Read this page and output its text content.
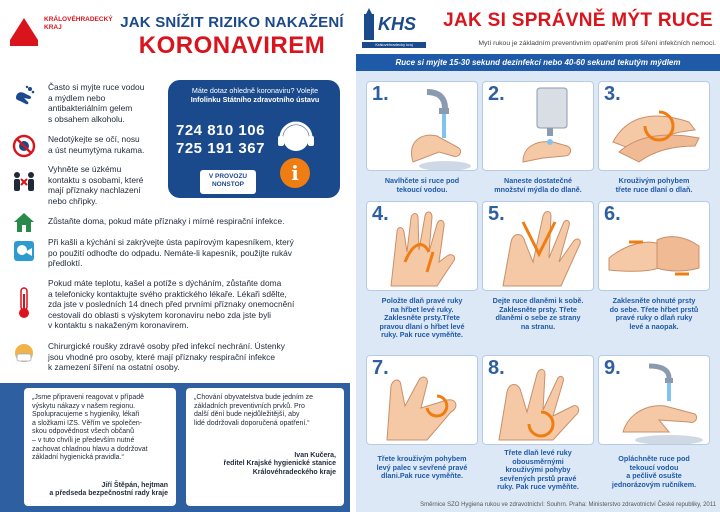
KRÁLOVÉHRADECKÝ
KRAJ	JAK SNÍŽIT RIZIKO NAKAŽENÍ
KORONAVIREM
Často si myjte ruce vodou
a mýdlem nebo
antibakteriálním gelem
s obsahem alkoholu.
Nedotýkejte se očí, nosu
a úst neumytýma rukama.
Vyhněte se úzkému
kontaktu s osobami, které
mají příznaky nachlazení
nebo chřipky.
Zůstaňte doma, pokud máte příznaky i mírné respirační infekce.
Při kašli a kýchání si zakrývejte ústa papírovým kapesníkem, který
po použití odhoďte do odpadu. Nemáte-li kapesník, použijte rukáv
předloktí.
Pokud máte teplotu, kašel a potíže s dýcháním, zůstaňte doma
a telefonicky kontaktujte svého praktického lékaře. Lékaři sdělte,
zda jste v posledních 14 dnech před prvními příznaky onemocnění
cestovali do oblasti s výskytem koronaviru nebo zda jste byli
v kontaktu s nakaženým koronavirem.
Chirurgické roušky zdravé osoby před infekcí nechrání. Ústenky
jsou vhodné pro osoby, které mají příznaky respirační infekce
k zamezení šíření na ostatní osoby.
Máte dotaz ohledně koronaviru? Volejte
Infolinku Státního zdravotního ústavu
724 810 106
725 191 367
V PROVOZU
NONSTOP	i
„Jsme připraveni reagovat v případě
výskytu nákazy v našem regionu.
Spolupracujeme s hygieniky, lékaři
a složkami IZS. Věřím ve společen-
skou odpovědnost všech občanů
– v tuto chvíli je především nutné
zachovat chladnou hlavu a dodržovat
základní hygienická pravidla.“
Jiří Štěpán, hejtman
a předseda bezpečnostní rady kraje
„Chování obyvatelstva bude jedním ze
základních preventivních prvků. Pro
další dění bude nejdůležitější, aby
lidé dodržovali doporučená opatření.“
Ivan Kučera,
ředitel Krajské hygienické stanice
Královéhradeckého kraje
KHS
Královéhradecký kraj
JAK SI SPRÁVNĚ MÝT RUCE
Mytí rukou je základním preventivním opatřením proti šíření infekčních nemocí.
Ruce si myjte 15-30 sekund dezinfekcí nebo 40-60 sekund tekutým mýdlem
1.
Navlhčete si ruce pod
tekoucí vodou.
2.
Naneste dostatečné
množství mýdla do dlaně.
3.
Krouživým pohybem
třete ruce dlaní o dlaň.
4.
Položte dlaň pravé ruky
na hřbet levé ruky.
Zaklesněte prsty.Třete
pravou dlaní o hřbet levé
ruky. Pak ruce vyměňte.
5.
Dejte ruce dlaněmi k sobě.
Zaklesněte prsty. Třete
dlaněmi o sebe ze strany
na stranu.
6.
Zaklesněte ohnuté prsty
do sebe. Třete hřbet prstů
pravé ruky o dlaň ruky
levé a naopak.
7.
Třete krouživým pohybem
levý palec v sevřené pravé
dlani.Pak ruce vyměňte.
8.
Třete dlaň levé ruky
obousměrnými
krouživými pohyby
sevřených prstů pravé
ruky. Pak ruce vyměňte.
9.
Opláchněte ruce pod
tekoucí vodou
a pečlivě osušte
jednorázovým ručníkem.
Směrnice SZO Hygiena rukou ve zdravotnictví: Souhrn. Praha: Ministerstvo zdravotnictví České republiky, 2011
